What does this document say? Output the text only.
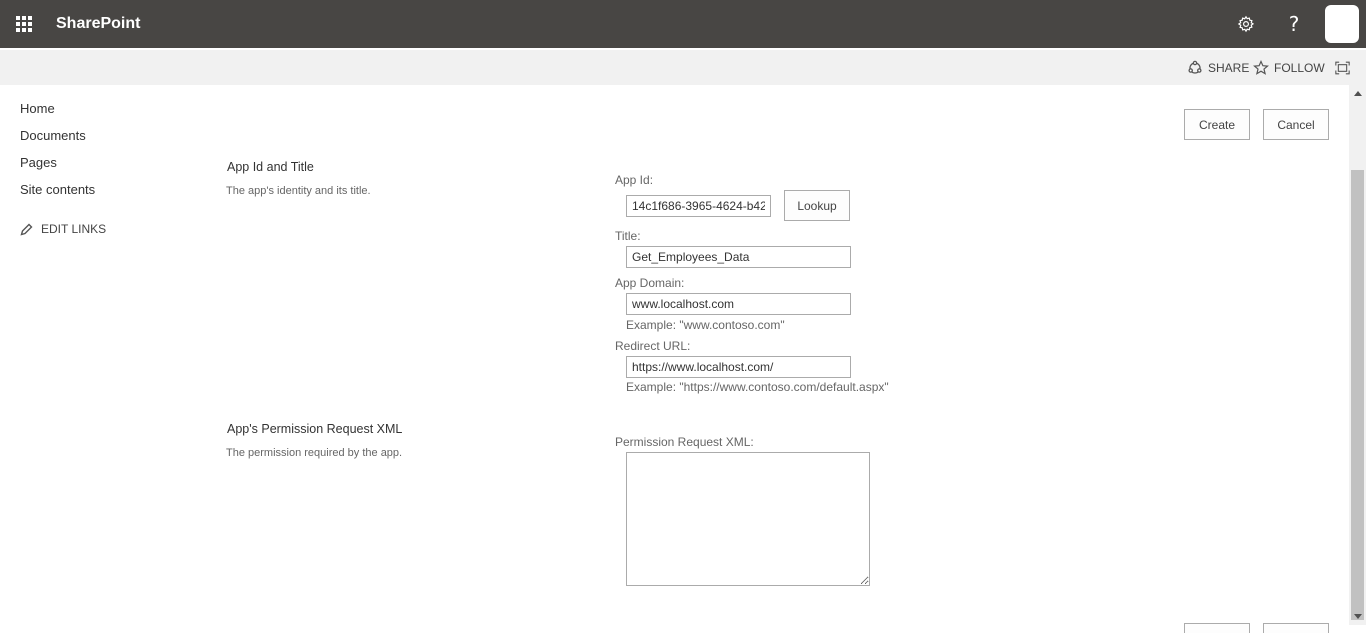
SharePoint	?
SHARE FOLLOW
Home
Documents
Pages
Site contents
EDIT LINKS
Create	Cancel
App Id and Title
The app's identity and its title.
App Id:
14c1f686-3965-4624-b42
Lookup
Title:
Get_Employees_Data
App Domain:
www.localhost.com
Example: "www.contoso.com"
Redirect URL:
https://www.localhost.com/
Example: "https://www.contoso.com/default.aspx"
App's Permission Request XML
The permission required by the app.
Permission Request XML:
